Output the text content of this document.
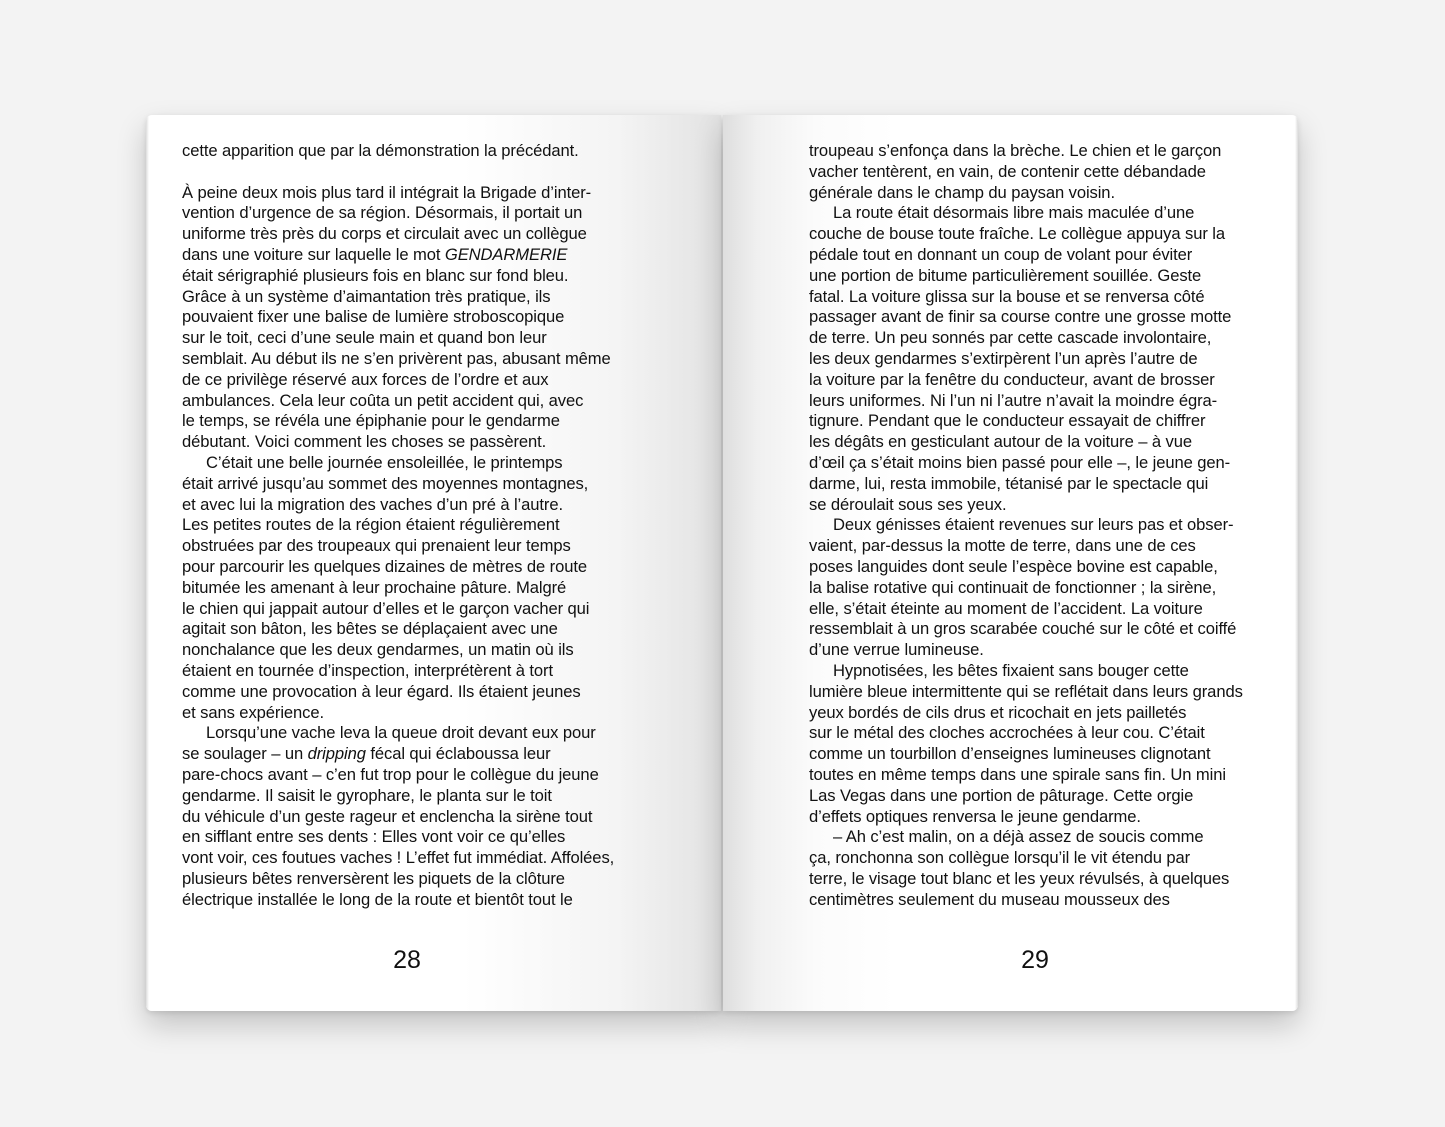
cette apparition que par la démonstration la précédant.
À peine deux mois plus tard il intégrait la Brigade d’inter-
vention d’urgence de sa région. Désormais, il portait un
uniforme très près du corps et circulait avec un collègue
dans une voiture sur laquelle le mot GENDARMERIE
était sérigraphié plusieurs fois en blanc sur fond bleu.
Grâce à un système d’aimantation très pratique, ils
pouvaient fixer une balise de lumière stroboscopique
sur le toit, ceci d’une seule main et quand bon leur
semblait. Au début ils ne s’en privèrent pas, abusant même
de ce privilège réservé aux forces de l’ordre et aux
ambulances. Cela leur coûta un petit accident qui, avec
le temps, se révéla une épiphanie pour le gendarme
débutant. Voici comment les choses se passèrent.
C’était une belle journée ensoleillée, le printemps
était arrivé jusqu’au sommet des moyennes montagnes,
et avec lui la migration des vaches d’un pré à l’autre.
Les petites routes de la région étaient régulièrement
obstruées par des troupeaux qui prenaient leur temps
pour parcourir les quelques dizaines de mètres de route
bitumée les amenant à leur prochaine pâture. Malgré
le chien qui jappait autour d’elles et le garçon vacher qui
agitait son bâton, les bêtes se déplaçaient avec une
nonchalance que les deux gendarmes, un matin où ils
étaient en tournée d’inspection, interprétèrent à tort
comme une provocation à leur égard. Ils étaient jeunes
et sans expérience.
Lorsqu’une vache leva la queue droit devant eux pour
se soulager – un dripping fécal qui éclaboussa leur
pare-chocs avant – c’en fut trop pour le collègue du jeune
gendarme. Il saisit le gyrophare, le planta sur le toit
du véhicule d’un geste rageur et enclencha la sirène tout
en sifflant entre ses dents : Elles vont voir ce qu’elles
vont voir, ces foutues vaches ! L’effet fut immédiat. Affolées,
plusieurs bêtes renversèrent les piquets de la clôture
électrique installée le long de la route et bientôt tout le
28
troupeau s’enfonça dans la brèche. Le chien et le garçon
vacher tentèrent, en vain, de contenir cette débandade
générale dans le champ du paysan voisin.
La route était désormais libre mais maculée d’une
couche de bouse toute fraîche. Le collègue appuya sur la
pédale tout en donnant un coup de volant pour éviter
une portion de bitume particulièrement souillée. Geste
fatal. La voiture glissa sur la bouse et se renversa côté
passager avant de finir sa course contre une grosse motte
de terre. Un peu sonnés par cette cascade involontaire,
les deux gendarmes s’extirpèrent l’un après l’autre de
la voiture par la fenêtre du conducteur, avant de brosser
leurs uniformes. Ni l’un ni l’autre n’avait la moindre égra-
tignure. Pendant que le conducteur essayait de chiffrer
les dégâts en gesticulant autour de la voiture – à vue
d’œil ça s’était moins bien passé pour elle –, le jeune gen-
darme, lui, resta immobile, tétanisé par le spectacle qui
se déroulait sous ses yeux.
Deux génisses étaient revenues sur leurs pas et obser-
vaient, par-dessus la motte de terre, dans une de ces
poses languides dont seule l’espèce bovine est capable,
la balise rotative qui continuait de fonctionner ; la sirène,
elle, s’était éteinte au moment de l’accident. La voiture
ressemblait à un gros scarabée couché sur le côté et coiffé
d’une verrue lumineuse.
Hypnotisées, les bêtes fixaient sans bouger cette
lumière bleue intermittente qui se reflétait dans leurs grands
yeux bordés de cils drus et ricochait en jets pailletés
sur le métal des cloches accrochées à leur cou. C’était
comme un tourbillon d’enseignes lumineuses clignotant
toutes en même temps dans une spirale sans fin. Un mini
Las Vegas dans une portion de pâturage. Cette orgie
d’effets optiques renversa le jeune gendarme.
– Ah c’est malin, on a déjà assez de soucis comme
ça, ronchonna son collègue lorsqu’il le vit étendu par
terre, le visage tout blanc et les yeux révulsés, à quelques
centimètres seulement du museau mousseux des
29
